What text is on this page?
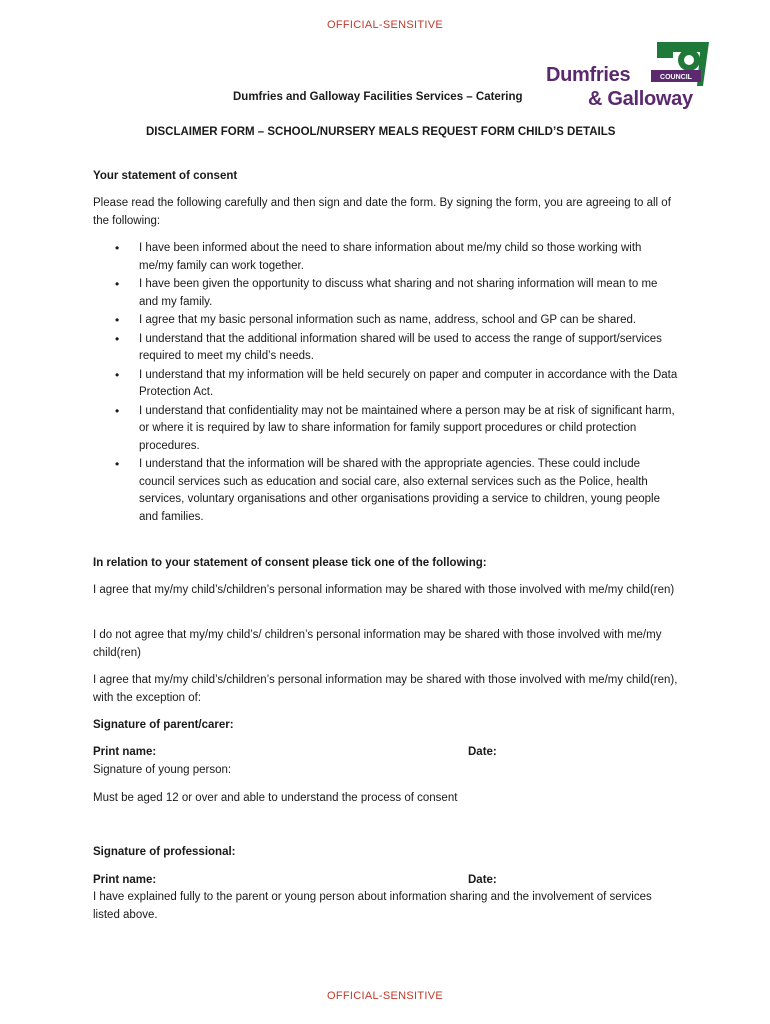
OFFICIAL-SENSITIVE
COUNCIL
Dumfries
& Galloway
Dumfries and Galloway Facilities Services – Catering
DISCLAIMER FORM – SCHOOL/NURSERY MEALS REQUEST FORM CHILD’S DETAILS

Your statement of consent

Please read the following carefully and then sign and date the form. By signing the form, you are agreeing to all of the following:

• I have been informed about the need to share information about me/my child so those working with me/my family can work together.
• I have been given the opportunity to discuss what sharing and not sharing information will mean to me and my family.
• I agree that my basic personal information such as name, address, school and GP can be shared.
• I understand that the additional information shared will be used to access the range of support/services required to meet my child’s needs.
• I understand that my information will be held securely on paper and computer in accordance with the Data Protection Act.
• I understand that confidentiality may not be maintained where a person may be at risk of significant harm, or where it is required by law to share information for family support procedures or child protection procedures.
• I understand that the information will be shared with the appropriate agencies. These could include council services such as education and social care, also external services such as the Police, health services, voluntary organisations and other organisations providing a service to children, young people and families.

In relation to your statement of consent please tick one of the following:

I agree that my/my child’s/children’s personal information may be shared with those involved with me/my child(ren)

I do not agree that my/my child’s/ children’s personal information may be shared with those involved with me/my child(ren)

I agree that my/my child’s/children’s personal information may be shared with those involved with me/my child(ren), with the exception of:

Signature of parent/carer:

Print name:	Date:

Signature of young person:

Must be aged 12 or over and able to understand the process of consent

Signature of professional:

Print name:	Date:

I have explained fully to the parent or young person about information sharing and the involvement of services listed above.

OFFICIAL-SENSITIVE
